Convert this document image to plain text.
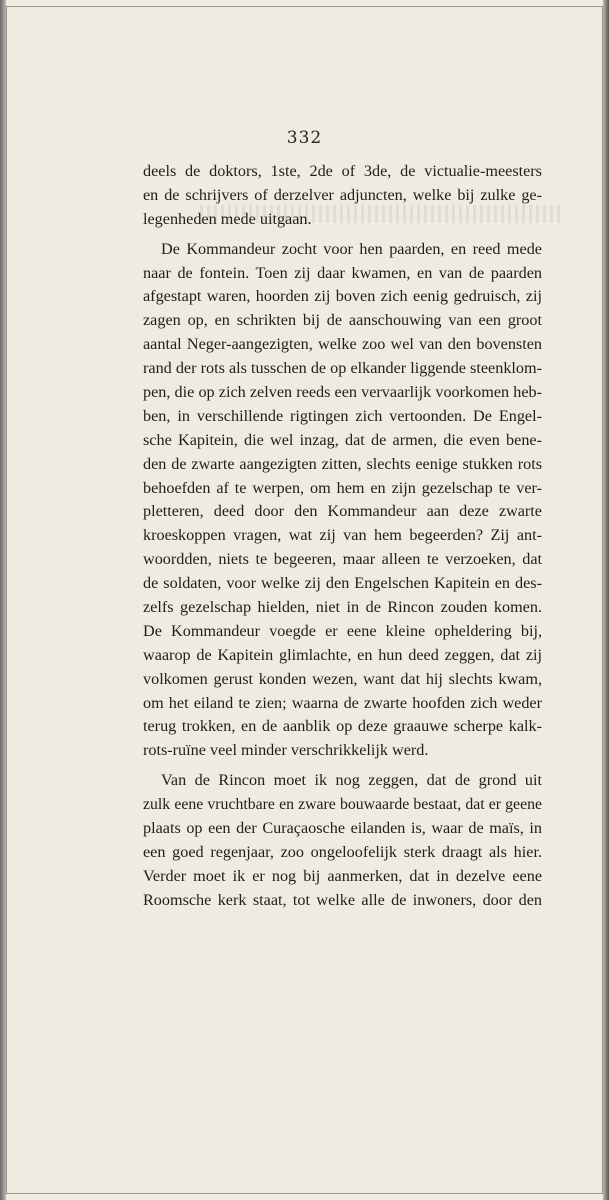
332
deels de doktors, 1ste, 2de of 3de, de victualie-meesters
en de schrijvers of derzelver adjuncten, welke bij zulke ge-
legenheden mede uitgaan.
De Kommandeur zocht voor hen paarden, en reed mede
naar de fontein. Toen zij daar kwamen, en van de paarden
afgestapt waren, hoorden zij boven zich eenig gedruisch, zij
zagen op, en schrikten bij de aanschouwing van een groot
aantal Neger-aangezigten, welke zoo wel van den bovensten
rand der rots als tusschen de op elkander liggende steenklom-
pen, die op zich zelven reeds een vervaarlijk voorkomen heb-
ben, in verschillende rigtingen zich vertoonden. De Engel-
sche Kapitein, die wel inzag, dat de armen, die even bene-
den de zwarte aangezigten zitten, slechts eenige stukken rots
behoefden af te werpen, om hem en zijn gezelschap te ver-
pletteren, deed door den Kommandeur aan deze zwarte
kroeskoppen vragen, wat zij van hem begeerden? Zij ant-
woordden, niets te begeeren, maar alleen te verzoeken, dat
de soldaten, voor welke zij den Engelschen Kapitein en des-
zelfs gezelschap hielden, niet in de Rincon zouden komen.
De Kommandeur voegde er eene kleine opheldering bij,
waarop de Kapitein glimlachte, en hun deed zeggen, dat zij
volkomen gerust konden wezen, want dat hij slechts kwam,
om het eiland te zien; waarna de zwarte hoofden zich weder
terug trokken, en de aanblik op deze graauwe scherpe kalk-
rots-ruïne veel minder verschrikkelijk werd.
Van de Rincon moet ik nog zeggen, dat de grond uit
zulk eene vruchtbare en zware bouwaarde bestaat, dat er geene
plaats op een der Curaçaosche eilanden is, waar de maïs, in
een goed regenjaar, zoo ongeloofelijk sterk draagt als hier.
Verder moet ik er nog bij aanmerken, dat in dezelve eene
Roomsche kerk staat, tot welke alle de inwoners, door den
